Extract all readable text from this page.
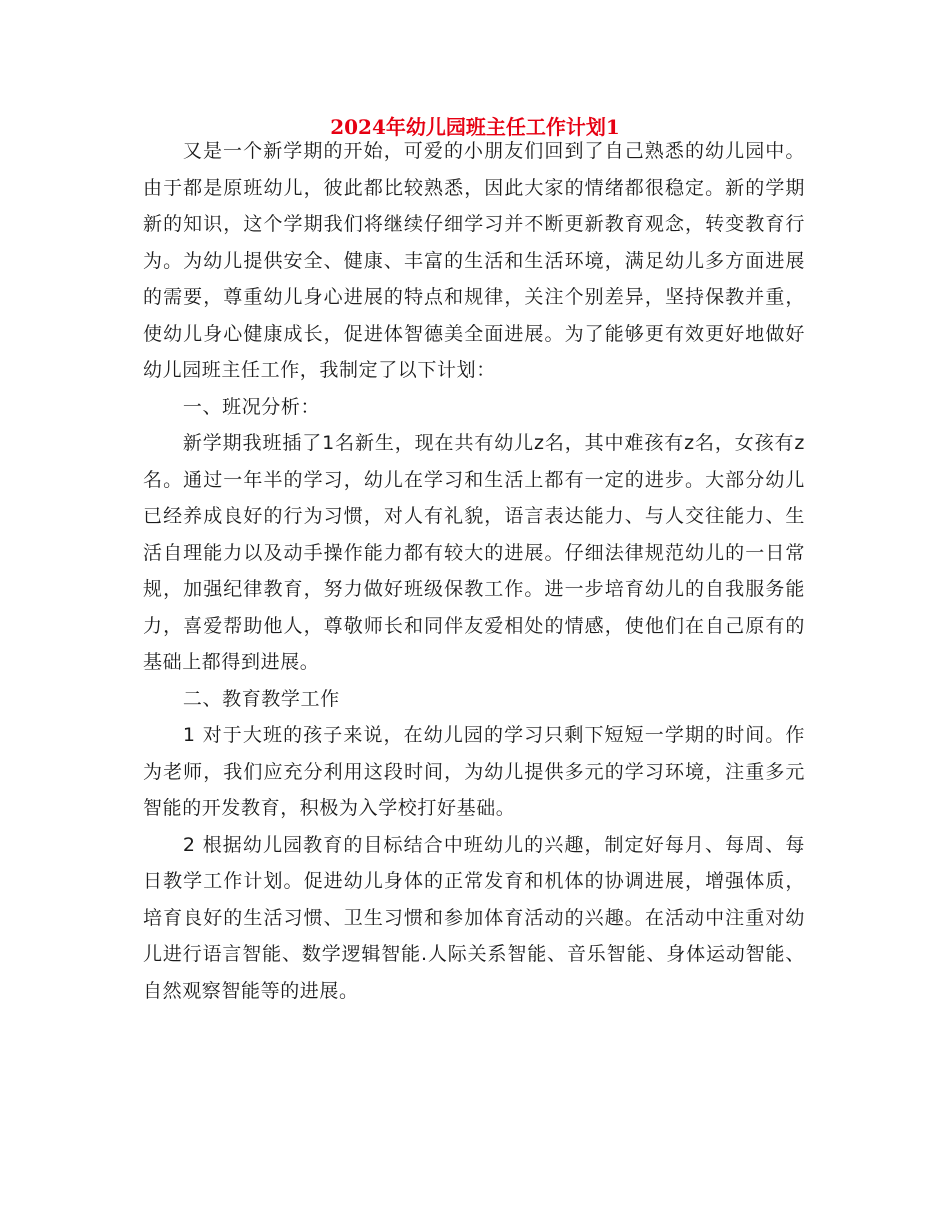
2024年幼儿园班主任工作计划1

又是一个新学期的开始，可爱的小朋友们回到了自己熟悉的幼儿园中。由于都是原班幼儿，彼此都比较熟悉，因此大家的情绪都很稳定。新的学期新的知识，这个学期我们将继续仔细学习并不断更新教育观念，转变教育行为。为幼儿提供安全、健康、丰富的生活和生活环境，满足幼儿多方面进展的需要，尊重幼儿身心进展的特点和规律，关注个别差异，坚持保教并重，使幼儿身心健康成长，促进体智德美全面进展。为了能够更有效更好地做好幼儿园班主任工作，我制定了以下计划：

一、班况分析：

新学期我班插了1名新生，现在共有幼儿z名，其中难孩有z名，女孩有z名。通过一年半的学习，幼儿在学习和生活上都有一定的进步。大部分幼儿已经养成良好的行为习惯，对人有礼貌，语言表达能力、与人交往能力、生活自理能力以及动手操作能力都有较大的进展。仔细法律规范幼儿的一日常规，加强纪律教育，努力做好班级保教工作。进一步培育幼儿的自我服务能力，喜爱帮助他人，尊敬师长和同伴友爱相处的情感，使他们在自己原有的基础上都得到进展。

二、教育教学工作

1 对于大班的孩子来说，在幼儿园的学习只剩下短短一学期的时间。作为老师，我们应充分利用这段时间，为幼儿提供多元的学习环境，注重多元智能的开发教育，积极为入学校打好基础。

2 根据幼儿园教育的目标结合中班幼儿的兴趣，制定好每月、每周、每日教学工作计划。促进幼儿身体的正常发育和机体的协调进展，增强体质，培育良好的生活习惯、卫生习惯和参加体育活动的兴趣。在活动中注重对幼儿进行语言智能、数学逻辑智能.人际关系智能、音乐智能、身体运动智能、自然观察智能等的进展。
